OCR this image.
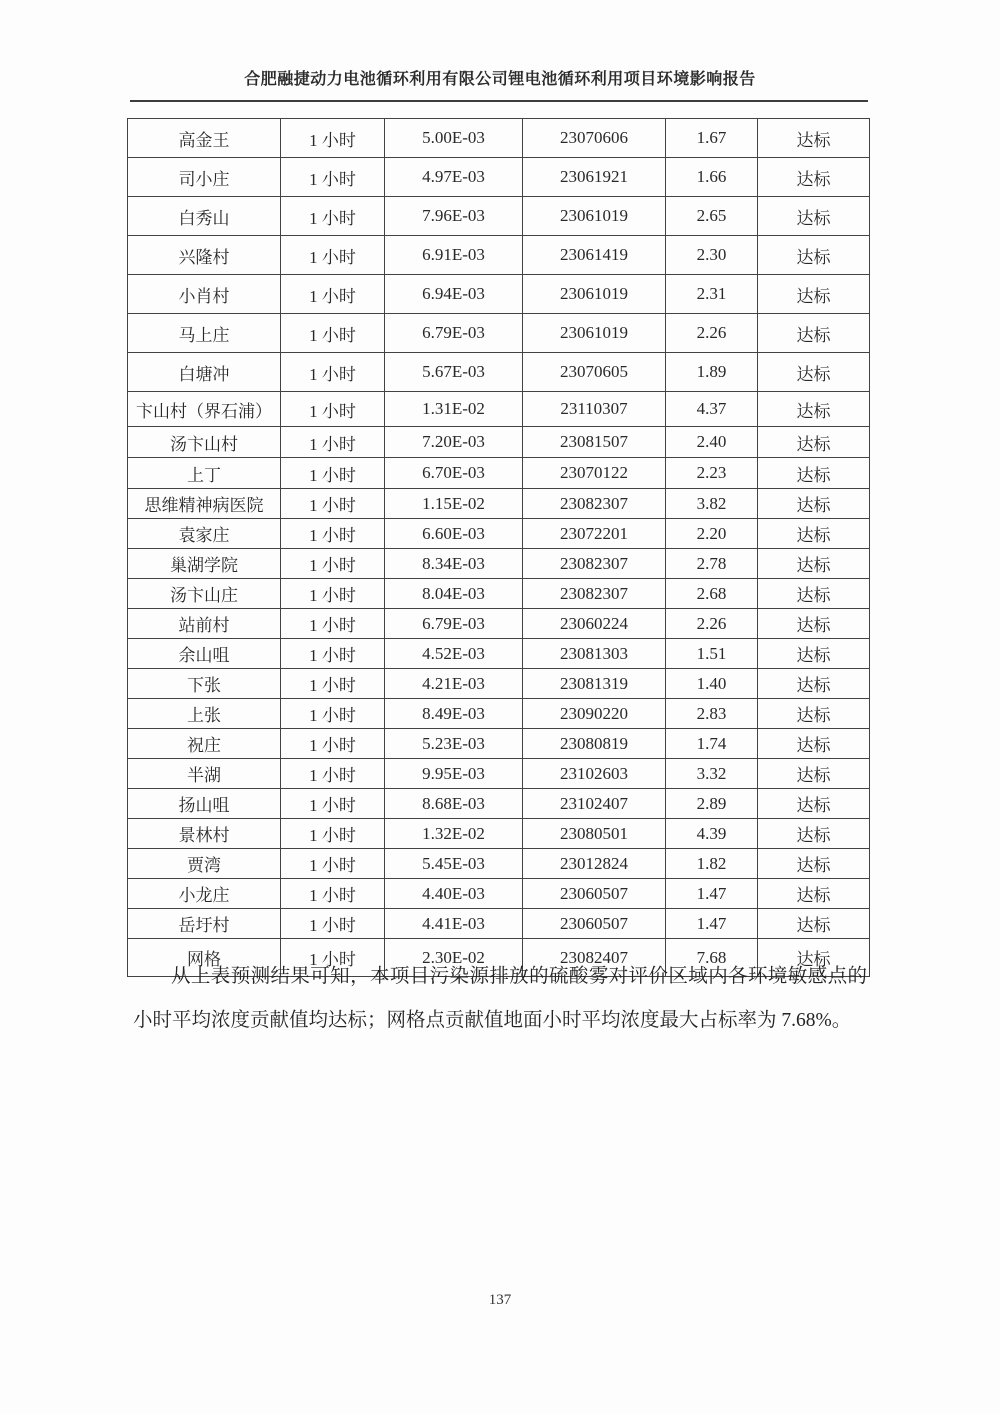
合肥融捷动力电池循环利用有限公司锂电池循环利用项目环境影响报告
高金王	1 小时	5.00E-03	23070606	1.67	达标
司小庄	1 小时	4.97E-03	23061921	1.66	达标
白秀山	1 小时	7.96E-03	23061019	2.65	达标
兴隆村	1 小时	6.91E-03	23061419	2.30	达标
小肖村	1 小时	6.94E-03	23061019	2.31	达标
马上庄	1 小时	6.79E-03	23061019	2.26	达标
白塘冲	1 小时	5.67E-03	23070605	1.89	达标
卞山村（界石浦）	1 小时	1.31E-02	23110307	4.37	达标
汤卞山村	1 小时	7.20E-03	23081507	2.40	达标
上丁	1 小时	6.70E-03	23070122	2.23	达标
思维精神病医院	1 小时	1.15E-02	23082307	3.82	达标
袁家庄	1 小时	6.60E-03	23072201	2.20	达标
巢湖学院	1 小时	8.34E-03	23082307	2.78	达标
汤卞山庄	1 小时	8.04E-03	23082307	2.68	达标
站前村	1 小时	6.79E-03	23060224	2.26	达标
余山咀	1 小时	4.52E-03	23081303	1.51	达标
下张	1 小时	4.21E-03	23081319	1.40	达标
上张	1 小时	8.49E-03	23090220	2.83	达标
祝庄	1 小时	5.23E-03	23080819	1.74	达标
半湖	1 小时	9.95E-03	23102603	3.32	达标
扬山咀	1 小时	8.68E-03	23102407	2.89	达标
景林村	1 小时	1.32E-02	23080501	4.39	达标
贾湾	1 小时	5.45E-03	23012824	1.82	达标
小龙庄	1 小时	4.40E-03	23060507	1.47	达标
岳圩村	1 小时	4.41E-03	23060507	1.47	达标
网格	1 小时	2.30E-02	23082407	7.68	达标

从上表预测结果可知，本项目污染源排放的硫酸雾对评价区域内各环境敏感点的小时平均浓度贡献值均达标；网格点贡献值地面小时平均浓度最大占标率为 7.68%。

137
